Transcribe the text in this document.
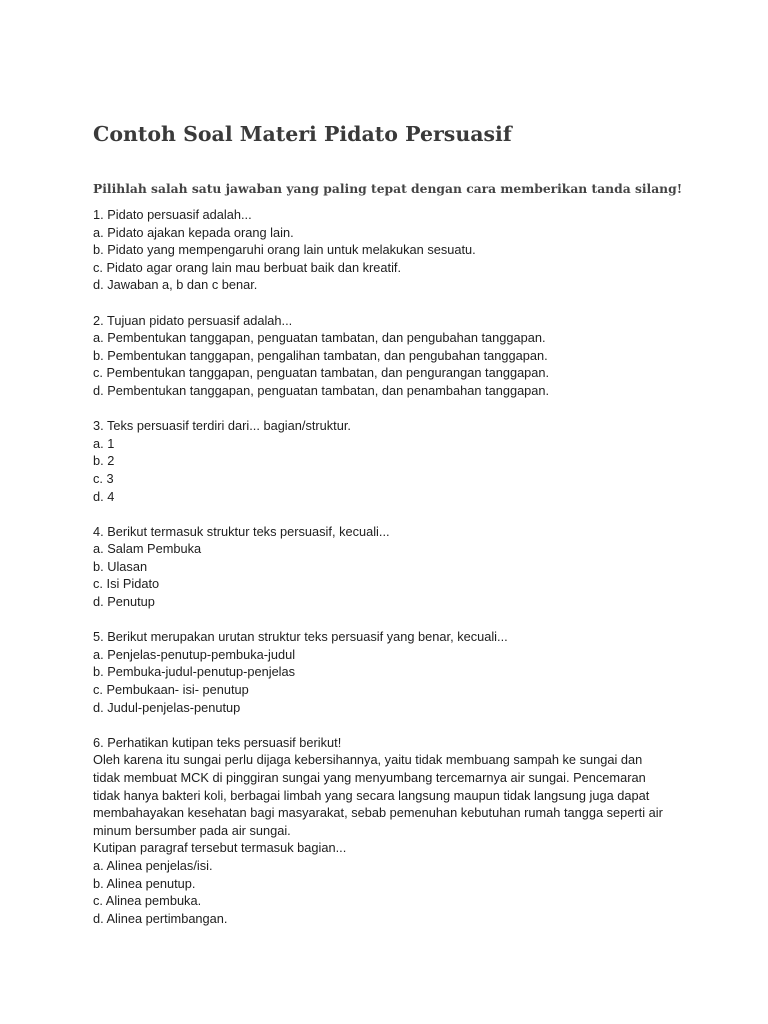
Contoh Soal Materi Pidato Persuasif

Pilihlah salah satu jawaban yang paling tepat dengan cara memberikan tanda silang!

1. Pidato persuasif adalah...
a. Pidato ajakan kepada orang lain.
b. Pidato yang mempengaruhi orang lain untuk melakukan sesuatu.
c. Pidato agar orang lain mau berbuat baik dan kreatif.
d. Jawaban a, b dan c benar.
2. Tujuan pidato persuasif adalah...
a. Pembentukan tanggapan, penguatan tambatan, dan pengubahan tanggapan.
b. Pembentukan tanggapan, pengalihan tambatan, dan pengubahan tanggapan.
c. Pembentukan tanggapan, penguatan tambatan, dan pengurangan tanggapan.
d. Pembentukan tanggapan, penguatan tambatan, dan penambahan tanggapan.
3. Teks persuasif terdiri dari... bagian/struktur.
a. 1
b. 2
c. 3
d. 4
4. Berikut termasuk struktur teks persuasif, kecuali...
a. Salam Pembuka
b. Ulasan
c. Isi Pidato
d. Penutup
5. Berikut merupakan urutan struktur teks persuasif yang benar, kecuali...
a. Penjelas-penutup-pembuka-judul
b. Pembuka-judul-penutup-penjelas
c. Pembukaan- isi- penutup
d. Judul-penjelas-penutup
6. Perhatikan kutipan teks persuasif berikut!
Oleh karena itu sungai perlu dijaga kebersihannya, yaitu tidak membuang sampah ke sungai dan
tidak membuat MCK di pinggiran sungai yang menyumbang tercemarnya air sungai. Pencemaran
tidak hanya bakteri koli, berbagai limbah yang secara langsung maupun tidak langsung juga dapat
membahayakan kesehatan bagi masyarakat, sebab pemenuhan kebutuhan rumah tangga seperti air
minum bersumber pada air sungai.
Kutipan paragraf tersebut termasuk bagian...
a. Alinea penjelas/isi.
b. Alinea penutup.
c. Alinea pembuka.
d. Alinea pertimbangan.
